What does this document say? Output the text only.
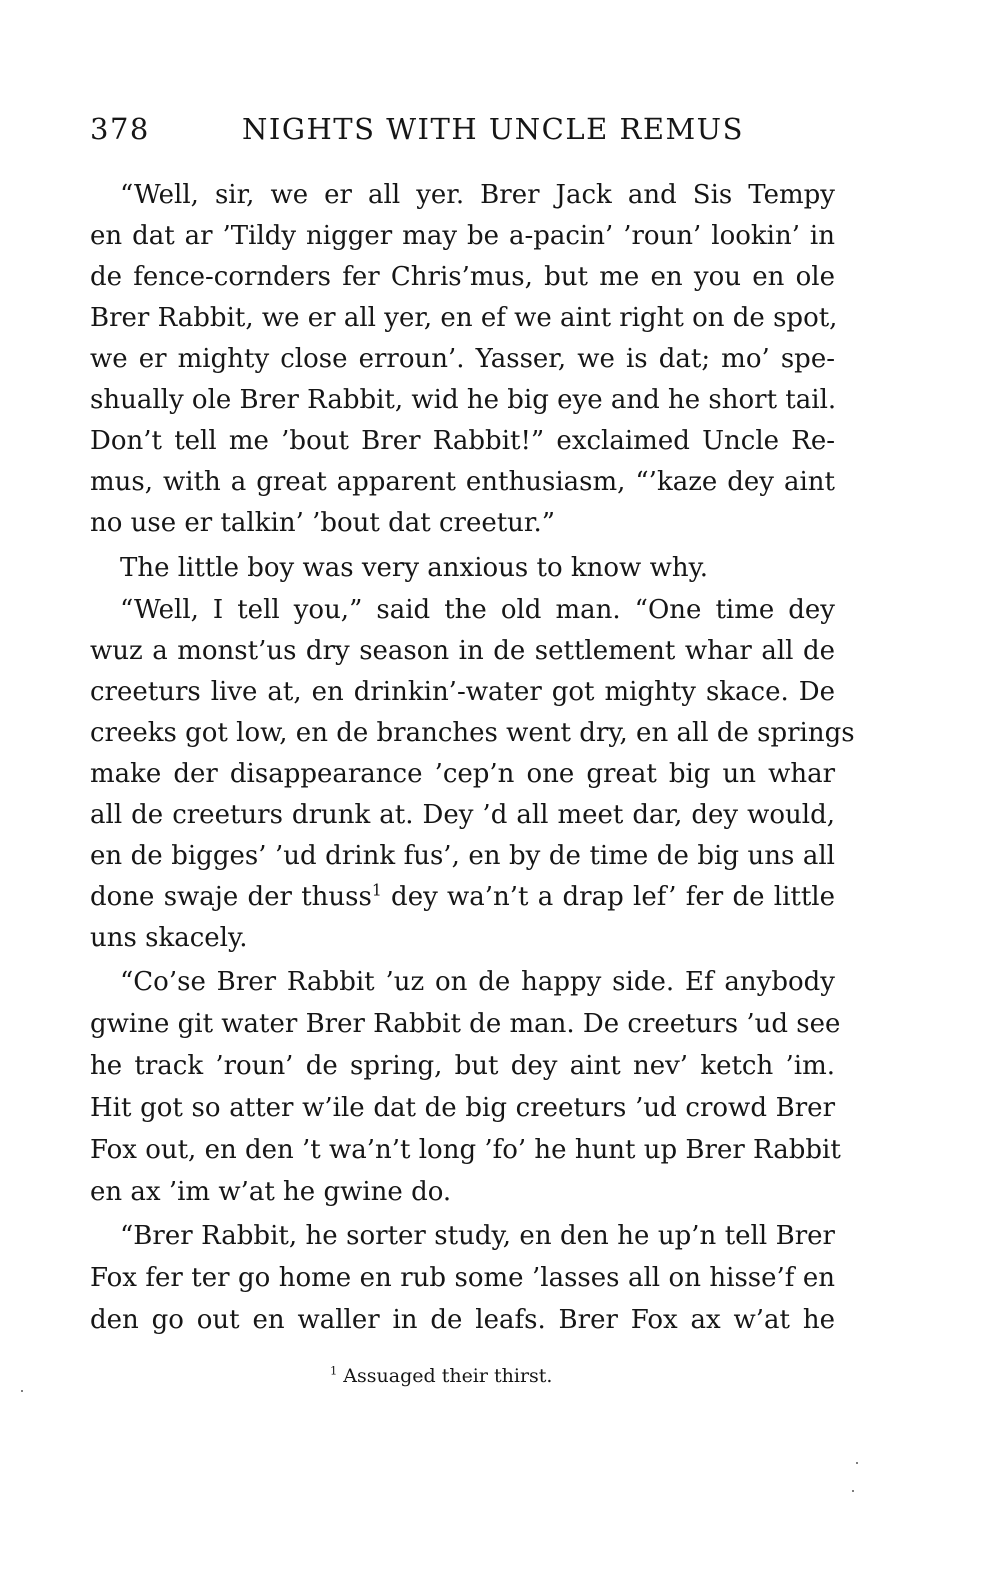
378	NIGHTS WITH UNCLE REMUS
“Well, sir, we er all yer. Brer Jack and Sis Tempy
en dat ar ’Tildy nigger may be a-pacin’ ’roun’ lookin’ in
de fence-cornders fer Chris’mus, but me en you en ole
Brer Rabbit, we er all yer, en ef we aint right on de spot,
we er mighty close erroun’. Yasser, we is dat; mo’ spe-
shually ole Brer Rabbit, wid he big eye and he short tail.
Don’t tell me ’bout Brer Rabbit!” exclaimed Uncle Re-
mus, with a great apparent enthusiasm, “’kaze dey aint
no use er talkin’ ’bout dat creetur.”
The little boy was very anxious to know why.
“Well, I tell you,” said the old man. “One time dey
wuz a monst’us dry season in de settlement whar all de
creeturs live at, en drinkin’-water got mighty skace. De
creeks got low, en de branches went dry, en all de springs
make der disappearance ’cep’n one great big un whar
all de creeturs drunk at. Dey ’d all meet dar, dey would,
en de bigges’ ’ud drink fus’, en by de time de big uns all
done swaje der thuss$^1$ dey wa’n’t a drap lef’ fer de little
uns skacely.
“Co’se Brer Rabbit ’uz on de happy side. Ef anybody
gwine git water Brer Rabbit de man. De creeturs ’ud see
he track ’roun’ de spring, but dey aint nev’ ketch ’im.
Hit got so atter w’ile dat de big creeturs ’ud crowd Brer
Fox out, en den ’t wa’n’t long ’fo’ he hunt up Brer Rabbit
en ax ’im w’at he gwine do.
“Brer Rabbit, he sorter study, en den he up’n tell Brer
Fox fer ter go home en rub some ’lasses all on hisse’f en
den go out en waller in de leafs. Brer Fox ax w’at he
$^1$ Assuaged their thirst.
